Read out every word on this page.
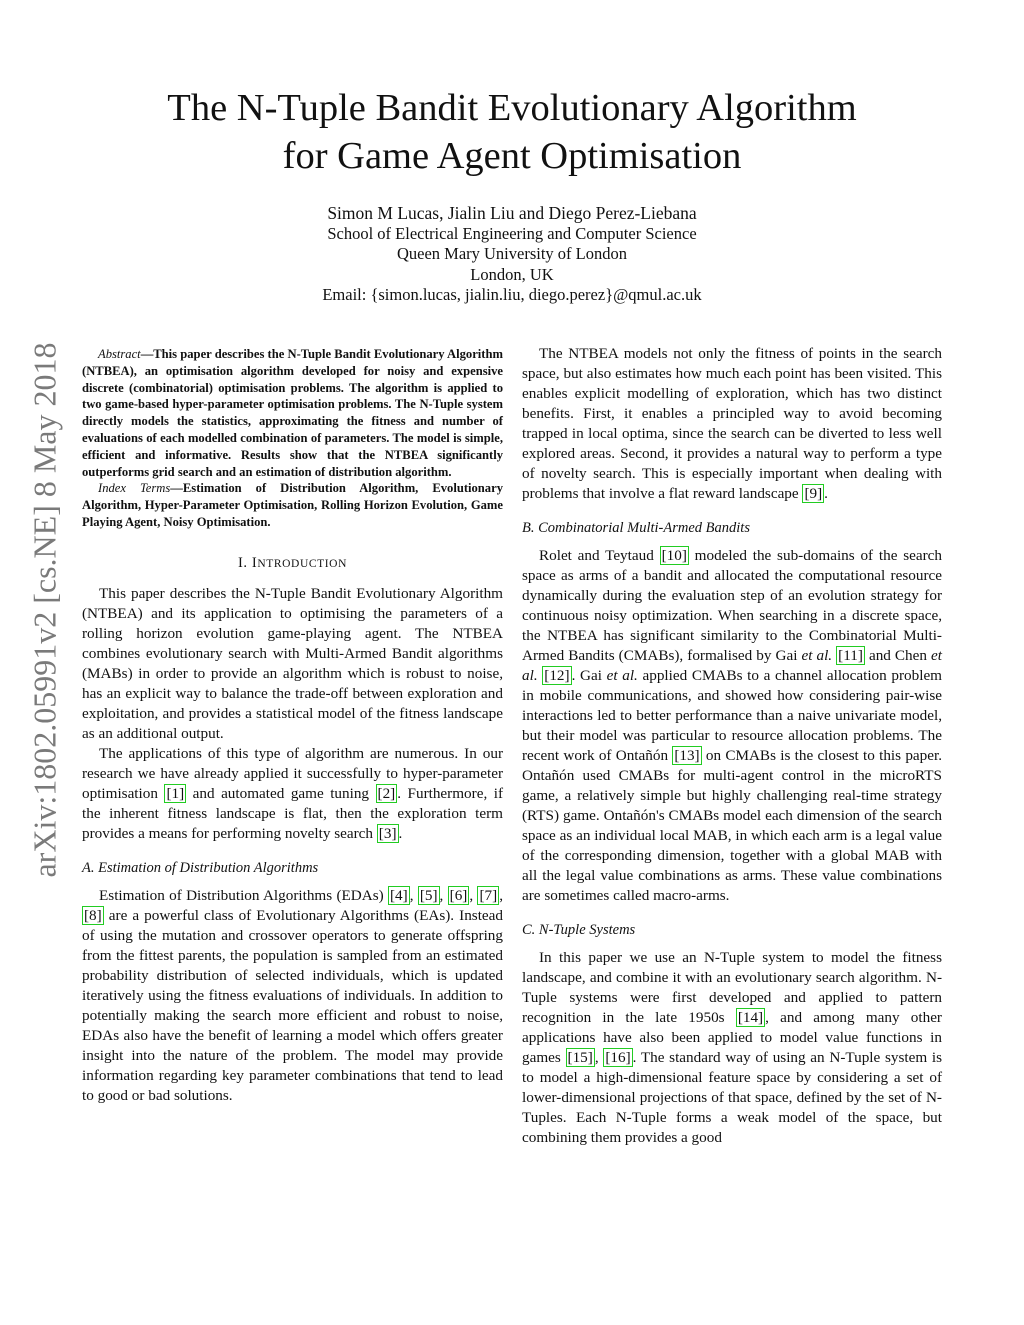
The N-Tuple Bandit Evolutionary Algorithm
for Game Agent Optimisation
Simon M Lucas, Jialin Liu and Diego Perez-Liebana
School of Electrical Engineering and Computer Science
Queen Mary University of London
London, UK
Email: {simon.lucas, jialin.liu, diego.perez}@qmul.ac.uk
arXiv:1802.05991v2 [cs.NE] 8 May 2018	Abstract—This paper describes the N-Tuple Bandit Evolutionary Algorithm (NTBEA), an optimisation algorithm developed for noisy and expensive discrete (combinatorial) optimisation problems. The algorithm is applied to two game-based hyper-parameter optimisation problems. The N-Tuple system directly models the statistics, approximating the fitness and number of evaluations of each modelled combination of parameters. The model is simple, efficient and informative. Results show that the NTBEA significantly outperforms grid search and an estimation of distribution algorithm.

Index Terms—Estimation of Distribution Algorithm, Evolutionary Algorithm, Hyper-Parameter Optimisation, Rolling Horizon Evolution, Game Playing Agent, Noisy Optimisation.

I. INTRODUCTION

This paper describes the N-Tuple Bandit Evolutionary Algorithm (NTBEA) and its application to optimising the parameters of a rolling horizon evolution game-playing agent. The NTBEA combines evolutionary search with Multi-Armed Bandit algorithms (MABs) in order to provide an algorithm which is robust to noise, has an explicit way to balance the trade-off between exploration and exploitation, and provides a statistical model of the fitness landscape as an additional output.

The applications of this type of algorithm are numerous. In our research we have already applied it successfully to hyper-parameter optimisation [1] and automated game tuning [2] . Furthermore, if the inherent fitness landscape is flat, then the exploration term provides a means for performing novelty search [3] .

A. Estimation of Distribution Algorithms

Estimation of Distribution Algorithms (EDAs) [4] , [5] , [6] , [7] , [8] are a powerful class of Evolutionary Algorithms (EAs). Instead of using the mutation and crossover operators to generate offspring from the fittest parents, the population is sampled from an estimated probability distribution of selected individuals, which is updated iteratively using the fitness evaluations of individuals. In addition to potentially making the search more efficient and robust to noise, EDAs also have the benefit of learning a model which offers greater insight into the nature of the problem. The model may provide information regarding key parameter combinations that tend to lead to good or bad solutions.

The NTBEA models not only the fitness of points in the search space, but also estimates how much each point has been visited. This enables explicit modelling of exploration, which has two distinct benefits. First, it enables a principled way to avoid becoming trapped in local optima, since the search can be diverted to less well explored areas. Second, it provides a natural way to perform a type of novelty search. This is especially important when dealing with problems that involve a flat reward landscape [9] .

B. Combinatorial Multi-Armed Bandits

Rolet and Teytaud [10] modeled the sub-domains of the search space as arms of a bandit and allocated the computational resource dynamically during the evaluation step of an evolution strategy for continuous noisy optimization. When searching in a discrete space, the NTBEA has significant similarity to the Combinatorial Multi-Armed Bandits (CMABs), formalised by Gai et al. [11] and Chen et al. [12] . Gai et al. applied CMABs to a channel allocation problem in mobile communications, and showed how considering pair-wise interactions led to better performance than a naive univariate model, but their model was particular to resource allocation problems. The recent work of Ontañón [13] on CMABs is the closest to this paper. Ontañón used CMABs for multi-agent control in the microRTS game, a relatively simple but highly challenging real-time strategy (RTS) game. Ontañón's CMABs model each dimension of the search space as an individual local MAB, in which each arm is a legal value of the corresponding dimension, together with a global MAB with all the legal value combinations as arms. These value combinations are sometimes called macro-arms.

C. N-Tuple Systems

In this paper we use an N-Tuple system to model the fitness landscape, and combine it with an evolutionary search algorithm. N-Tuple systems were first developed and applied to pattern recognition in the late 1950s [14] , and among many other applications have also been applied to model value functions in games [15] , [16] . The standard way of using an N-Tuple system is to model a high-dimensional feature space by considering a set of lower-dimensional projections of that space, defined by the set of N-Tuples. Each N-Tuple forms a weak model of the space, but combining them provides a good
